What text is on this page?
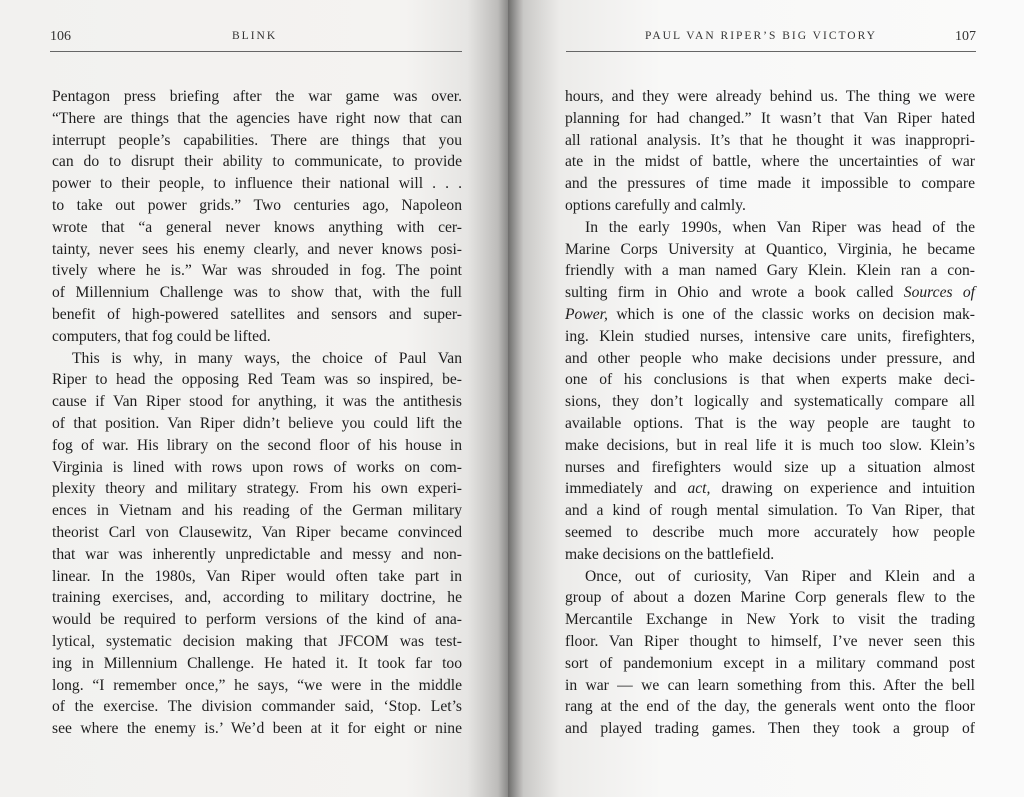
106	BLINK
Pentagon press briefing after the war game was over.
“There are things that the agencies have right now that can
interrupt people’s capabilities. There are things that you
can do to disrupt their ability to communicate, to provide
power to their people, to influence their national will . . .
to take out power grids.” Two centuries ago, Napoleon
wrote that “a general never knows anything with cer-
tainty, never sees his enemy clearly, and never knows posi-
tively where he is.” War was shrouded in fog. The point
of Millennium Challenge was to show that, with the full
benefit of high-powered satellites and sensors and super-
computers, that fog could be lifted.
This is why, in many ways, the choice of Paul Van
Riper to head the opposing Red Team was so inspired, be-
cause if Van Riper stood for anything, it was the antithesis
of that position. Van Riper didn’t believe you could lift the
fog of war. His library on the second floor of his house in
Virginia is lined with rows upon rows of works on com-
plexity theory and military strategy. From his own experi-
ences in Vietnam and his reading of the German military
theorist Carl von Clausewitz, Van Riper became convinced
that war was inherently unpredictable and messy and non-
linear. In the 1980s, Van Riper would often take part in
training exercises, and, according to military doctrine, he
would be required to perform versions of the kind of ana-
lytical, systematic decision making that JFCOM was test-
ing in Millennium Challenge. He hated it. It took far too
long. “I remember once,” he says, “we were in the middle
of the exercise. The division commander said, ‘Stop. Let’s
see where the enemy is.’ We’d been at it for eight or nine
PAUL VAN RIPER’S BIG VICTORY	107
hours, and they were already behind us. The thing we were
planning for had changed.” It wasn’t that Van Riper hated
all rational analysis. It’s that he thought it was inappropri-
ate in the midst of battle, where the uncertainties of war
and the pressures of time made it impossible to compare
options carefully and calmly.
In the early 1990s, when Van Riper was head of the
Marine Corps University at Quantico, Virginia, he became
friendly with a man named Gary Klein. Klein ran a con-
sulting firm in Ohio and wrote a book called Sources of
Power, which is one of the classic works on decision mak-
ing. Klein studied nurses, intensive care units, firefighters,
and other people who make decisions under pressure, and
one of his conclusions is that when experts make deci-
sions, they don’t logically and systematically compare all
available options. That is the way people are taught to
make decisions, but in real life it is much too slow. Klein’s
nurses and firefighters would size up a situation almost
immediately and act, drawing on experience and intuition
and a kind of rough mental simulation. To Van Riper, that
seemed to describe much more accurately how people
make decisions on the battlefield.
Once, out of curiosity, Van Riper and Klein and a
group of about a dozen Marine Corp generals flew to the
Mercantile Exchange in New York to visit the trading
floor. Van Riper thought to himself, I’ve never seen this
sort of pandemonium except in a military command post
in war — we can learn something from this. After the bell
rang at the end of the day, the generals went onto the floor
and played trading games. Then they took a group of
